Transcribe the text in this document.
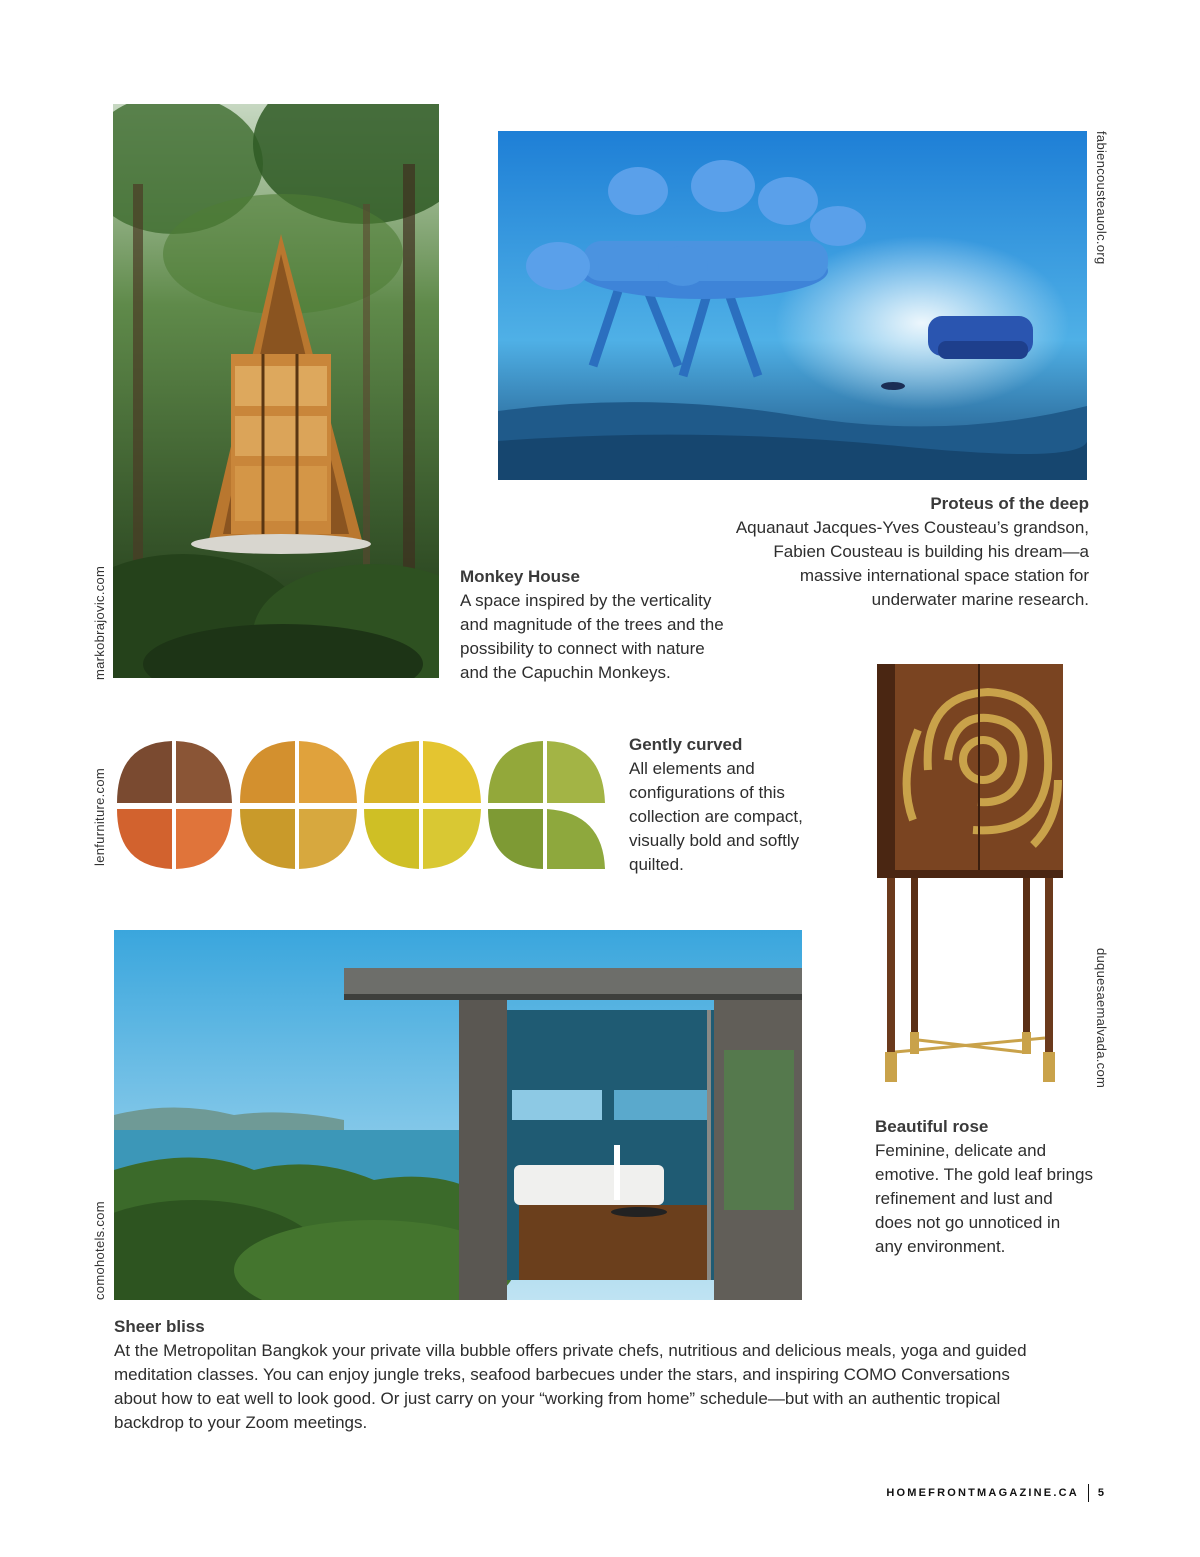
markobrajovic.com
fabiencousteauolc.org
Proteus of the deep
Aquanaut Jacques-Yves Cousteau’s grandson,
Fabien Cousteau is building his dream—a
massive international space station for
underwater marine research.
Monkey House
A space inspired by the verticality
and magnitude of the trees and the
possibility to connect with nature
and the Capuchin Monkeys.
lenfurniture.com
Gently curved
All elements and
configurations of this
collection are compact,
visually bold and softly
quilted.
duquesaemalvada.com
Beautiful rose
Feminine, delicate and
emotive. The gold leaf brings
refinement and lust and
does not go unnoticed in
any environment.
comohotels.com
Sheer bliss
At the Metropolitan Bangkok your private villa bubble offers private chefs, nutritious and delicious meals, yoga and guided
meditation classes. You can enjoy jungle treks, seafood barbecues under the stars, and inspiring COMO Conversations
about how to eat well to look good. Or just carry on your “working from home” schedule—but with an authentic tropical
backdrop to your Zoom meetings.
HOMEFRONTMAGAZINE.CA 5
